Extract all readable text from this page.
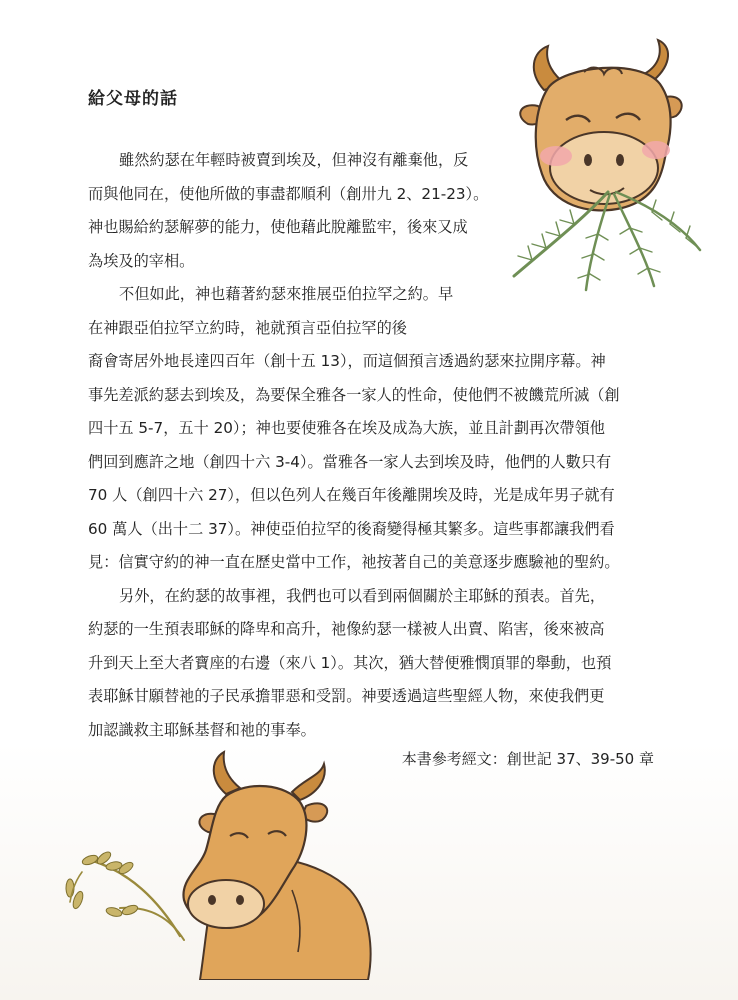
給父母的話
雖然約瑟在年輕時被賣到埃及，但神沒有離棄他，反
而與他同在，使他所做的事盡都順利（創卅九 2、21-23）。
神也賜給約瑟解夢的能力，使他藉此脫離監牢，後來又成
為埃及的宰相。
不但如此，神也藉著約瑟來推展亞伯拉罕之約。早
在神跟亞伯拉罕立約時，祂就預言亞伯拉罕的後
裔會寄居外地長達四百年（創十五 13），而這個預言透過約瑟來拉開序幕。神
事先差派約瑟去到埃及，為要保全雅各一家人的性命，使他們不被饑荒所滅（創
四十五 5-7，五十 20）；神也要使雅各在埃及成為大族，並且計劃再次帶領他
們回到應許之地（創四十六 3-4）。當雅各一家人去到埃及時，他們的人數只有
70 人（創四十六 27），但以色列人在幾百年後離開埃及時，光是成年男子就有
60 萬人（出十二 37）。神使亞伯拉罕的後裔變得極其繁多。這些事都讓我們看
見：信實守約的神一直在歷史當中工作，祂按著自己的美意逐步應驗祂的聖約。
另外，在約瑟的故事裡，我們也可以看到兩個關於主耶穌的預表。首先，
約瑟的一生預表耶穌的降卑和高升，祂像約瑟一樣被人出賣、陷害，後來被高
升到天上至大者寶座的右邊（來八 1）。其次，猶大替便雅憫頂罪的舉動，也預
表耶穌甘願替祂的子民承擔罪惡和受罰。神要透過這些聖經人物，來使我們更
加認識救主耶穌基督和祂的事奉。

本書參考經文：創世記 37、39-50 章
